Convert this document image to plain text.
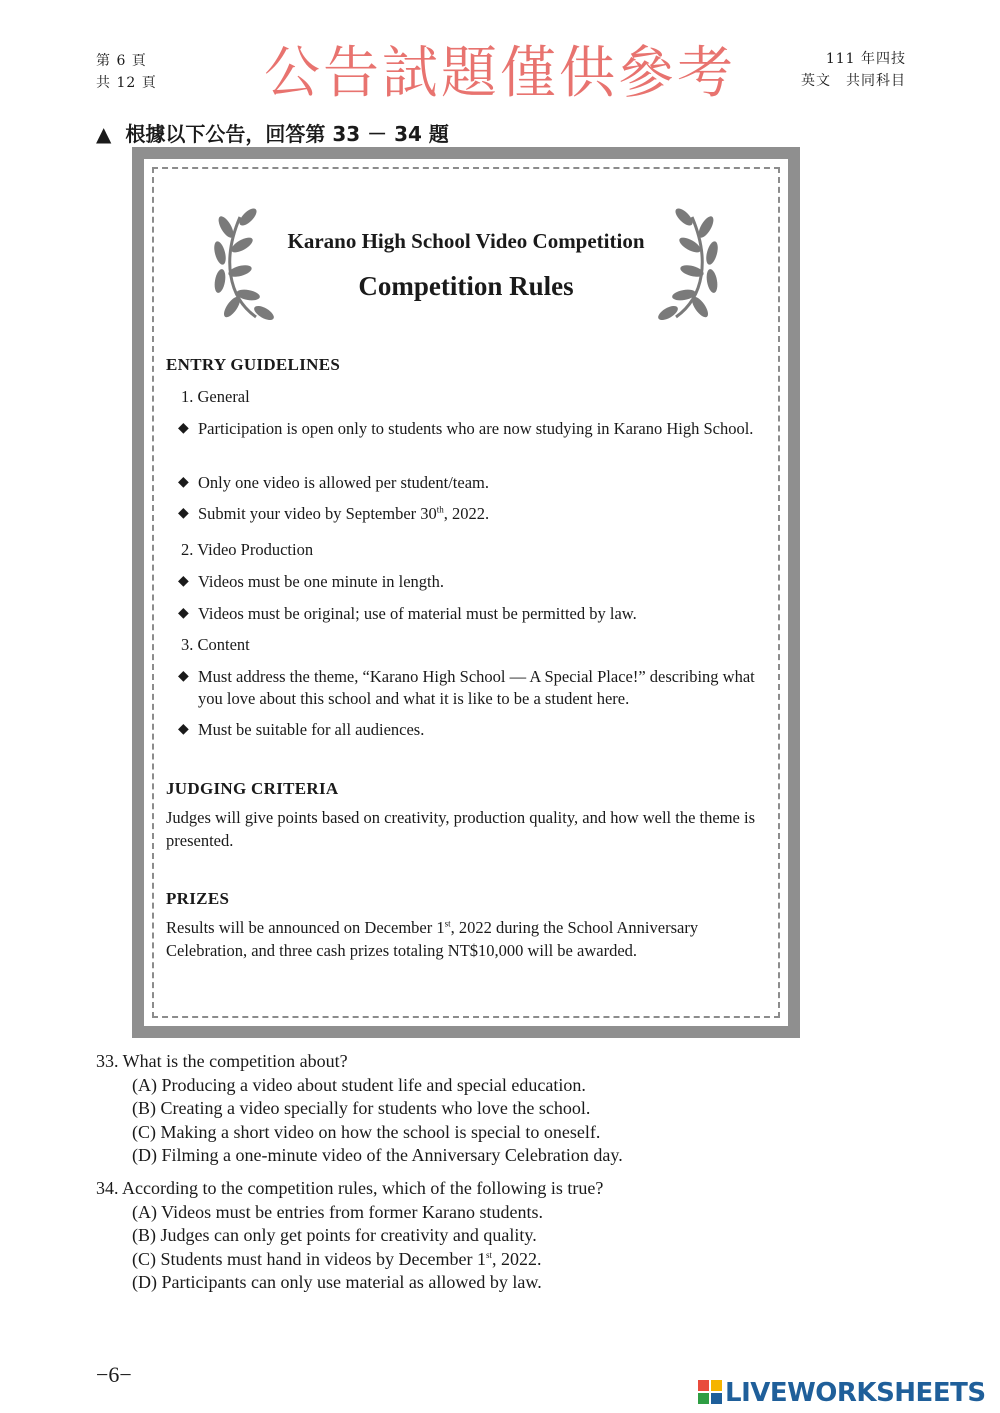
第 6 頁
共 12 頁	公告試題僅供參考	111 年四技
英文　共同科目
▲ 根據以下公告，回答第 33 － 34 題
Karano High School Video Competition
Competition Rules
ENTRY GUIDELINES
1. General
◆ Participation is open only to students who are now studying in Karano High School.
◆ Only one video is allowed per student/team.
◆ Submit your video by September 30th, 2022.
2. Video Production
◆ Videos must be one minute in length.
◆ Videos must be original; use of material must be permitted by law.
3. Content
◆ Must address the theme, “Karano High School — A Special Place!” describing what you love about this school and what it is like to be a student here.
◆ Must be suitable for all audiences.
JUDGING CRITERIA
Judges will give points based on creativity, production quality, and how well the theme is presented.
PRIZES
Results will be announced on December 1st, 2022 during the School Anniversary Celebration, and three cash prizes totaling NT$10,000 will be awarded.
33. What is the competition about?
(A) Producing a video about student life and special education.
(B) Creating a video specially for students who love the school.
(C) Making a short video on how the school is special to oneself.
(D) Filming a one-minute video of the Anniversary Celebration day.
34. According to the competition rules, which of the following is true?
(A) Videos must be entries from former Karano students.
(B) Judges can only get points for creativity and quality.
(C) Students must hand in videos by December 1st, 2022.
(D) Participants can only use material as allowed by law.
−6−
LIVEWORKSHEETS
